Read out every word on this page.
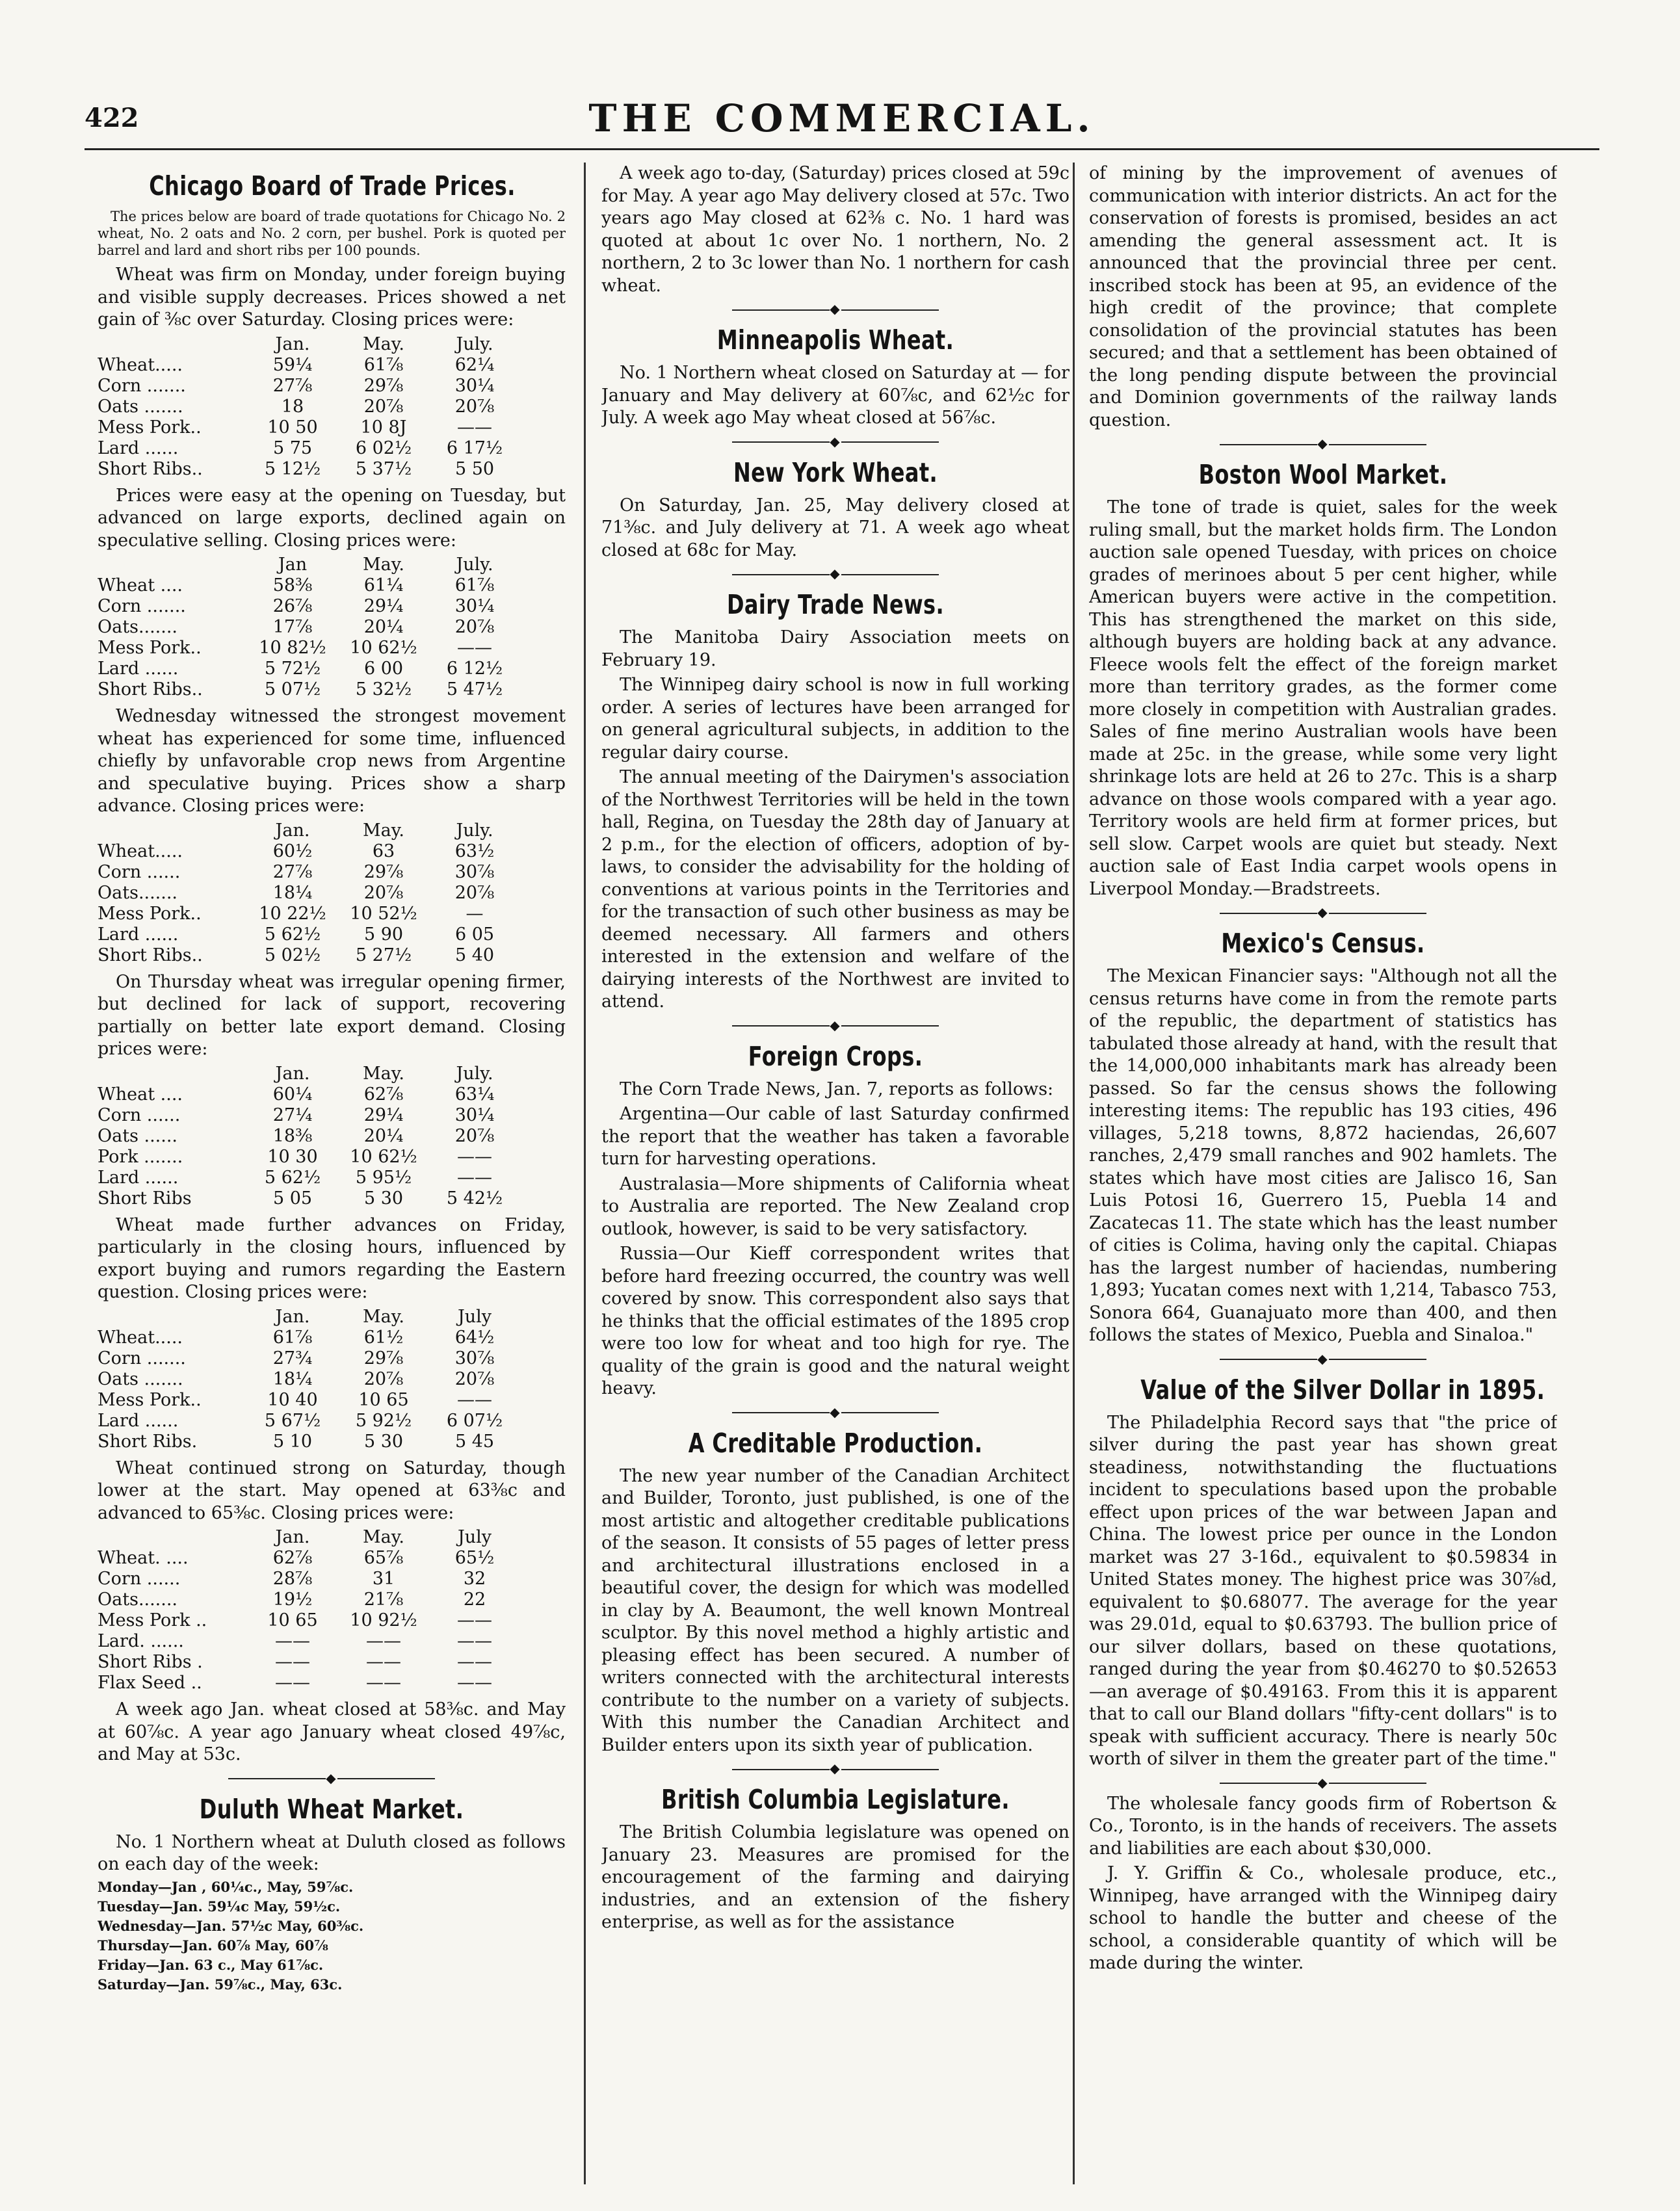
422	THE COMMERCIAL.
Chicago Board of Trade Prices.

The prices below are board of trade quotations for Chicago No. 2 wheat, No. 2 oats and No. 2 corn, per bushel. Pork is quoted per barrel and lard and short ribs per 100 pounds.

Wheat was firm on Monday, under foreign buying and visible supply decreases. Prices showed a net gain of ⅜c over Saturday. Closing prices were:

	Jan.	May.	July.
Wheat.....	59¼	61⅞	62¼
Corn .......	27⅞	29⅞	30¼
Oats .......	18	20⅞	20⅞
Mess Pork..	10 50	10 8J	——
Lard ......	5 75	6 02½	6 17½
Short Ribs..	5 12½	5 37½	5 50

Prices were easy at the opening on Tuesday, but advanced on large exports, declined again on speculative selling. Closing prices were:

	Jan	May.	July.
Wheat ....	58⅜	61¼	61⅞
Corn .......	26⅞	29¼	30¼
Oats.......	17⅞	20¼	20⅞
Mess Pork..	10 82½	10 62½	——
Lard ......	5 72½	6 00	6 12½
Short Ribs..	5 07½	5 32½	5 47½

Wednesday witnessed the strongest movement wheat has experienced for some time, influenced chiefly by unfavorable crop news from Argentine and speculative buying. Prices show a sharp advance. Closing prices were:

	Jan.	May.	July.
Wheat.....	60½	63	63½
Corn ......	27⅞	29⅞	30⅞
Oats.......	18¼	20⅞	20⅞
Mess Pork..	10 22½	10 52½	—
Lard ......	5 62½	5 90	6 05
Short Ribs..	5 02½	5 27½	5 40

On Thursday wheat was irregular opening firmer, but declined for lack of support, recovering partially on better late export demand. Closing prices were:

	Jan.	May.	July.
Wheat ....	60¼	62⅞	63¼
Corn ......	27¼	29¼	30¼
Oats ......	18⅜	20¼	20⅞
Pork .......	10 30	10 62½	——
Lard ......	5 62½	5 95½	——
Short Ribs	5 05	5 30	5 42½

Wheat made further advances on Friday, particularly in the closing hours, influenced by export buying and rumors regarding the Eastern question. Closing prices were:

	Jan.	May.	July
Wheat.....	61⅞	61½	64½
Corn .......	27¾	29⅞	30⅞
Oats .......	18¼	20⅞	20⅞
Mess Pork..	10 40	10 65	——
Lard ......	5 67½	5 92½	6 07½
Short Ribs.	5 10	5 30	5 45

Wheat continued strong on Saturday, though lower at the start. May opened at 63⅜c and advanced to 65⅜c. Closing prices were:

	Jan.	May.	July
Wheat. ....	62⅞	65⅞	65½
Corn ......	28⅞	31	32
Oats.......	19½	21⅞	22
Mess Pork ..	10 65	10 92½	——
Lard. ......	——	——	——
Short Ribs .	——	——	——
Flax Seed ..	——	——	——

A week ago Jan. wheat closed at 58⅜c. and May at 60⅞c. A year ago January wheat closed 49⅞c, and May at 53c.

◆
Duluth Wheat Market.

No. 1 Northern wheat at Duluth closed as follows on each day of the week:

Monday—Jan , 60¼c., May, 59⅞c.
Tuesday—Jan. 59¼c May, 59½c.
Wednesday—Jan. 57½c May, 60⅜c.
Thursday—Jan. 60⅞ May, 60⅞
Friday—Jan. 63 c., May 61⅞c.
Saturday—Jan. 59⅞c., May, 63c.

A week ago to-day, (Saturday) prices closed at 59c for May. A year ago May delivery closed at 57c. Two years ago May closed at 62⅜ c. No. 1 hard was quoted at about 1c over No. 1 northern, No. 2 northern, 2 to 3c lower than No. 1 northern for cash wheat.

◆
Minneapolis Wheat.

No. 1 Northern wheat closed on Saturday at — for January and May delivery at 60⅞c, and 62½c for July. A week ago May wheat closed at 56⅞c.

◆
New York Wheat.

On Saturday, Jan. 25, May delivery closed at 71⅜c. and July delivery at 71. A week ago wheat closed at 68c for May.

◆
Dairy Trade News.

The Manitoba Dairy Association meets on February 19.

The Winnipeg dairy school is now in full working order. A series of lectures have been arranged for on general agricultural subjects, in addition to the regular dairy course.

The annual meeting of the Dairymen's association of the Northwest Territories will be held in the town hall, Regina, on Tuesday the 28th day of January at 2 p.m., for the election of officers, adoption of by-laws, to consider the advisability for the holding of conventions at various points in the Territories and for the transaction of such other business as may be deemed necessary. All farmers and others interested in the extension and welfare of the dairying interests of the Northwest are invited to attend.

◆
Foreign Crops.

The Corn Trade News, Jan. 7, reports as follows:

Argentina—Our cable of last Saturday confirmed the report that the weather has taken a favorable turn for harvesting operations.

Australasia—More shipments of California wheat to Australia are reported. The New Zealand crop outlook, however, is said to be very satisfactory.

Russia—Our Kieff correspondent writes that before hard freezing occurred, the country was well covered by snow. This correspondent also says that he thinks that the official estimates of the 1895 crop were too low for wheat and too high for rye. The quality of the grain is good and the natural weight heavy.

◆
A Creditable Production.

The new year number of the Canadian Architect and Builder, Toronto, just published, is one of the most artistic and altogether creditable publications of the season. It consists of 55 pages of letter press and architectural illustrations enclosed in a beautiful cover, the design for which was modelled in clay by A. Beaumont, the well known Montreal sculptor. By this novel method a highly artistic and pleasing effect has been secured. A number of writers connected with the architectural interests contribute to the number on a variety of subjects. With this number the Canadian Architect and Builder enters upon its sixth year of publication.

◆
British Columbia Legislature.

The British Columbia legislature was opened on January 23. Measures are promised for the encouragement of the farming and dairying industries, and an extension of the fishery enterprise, as well as for the assistance

of mining by the improvement of avenues of communication with interior districts. An act for the conservation of forests is promised, besides an act amending the general assessment act. It is announced that the provincial three per cent. inscribed stock has been at 95, an evidence of the high credit of the province; that complete consolidation of the provincial statutes has been secured; and that a settlement has been obtained of the long pending dispute between the provincial and Dominion governments of the railway lands question.

◆
Boston Wool Market.

The tone of trade is quiet, sales for the week ruling small, but the market holds firm. The London auction sale opened Tuesday, with prices on choice grades of merinoes about 5 per cent higher, while American buyers were active in the competition. This has strengthened the market on this side, although buyers are holding back at any advance. Fleece wools felt the effect of the foreign market more than territory grades, as the former come more closely in competition with Australian grades. Sales of fine merino Australian wools have been made at 25c. in the grease, while some very light shrinkage lots are held at 26 to 27c. This is a sharp advance on those wools compared with a year ago. Territory wools are held firm at former prices, but sell slow. Carpet wools are quiet but steady. Next auction sale of East India carpet wools opens in Liverpool Monday.—Bradstreets.

◆
Mexico's Census.

The Mexican Financier says: "Although not all the census returns have come in from the remote parts of the republic, the department of statistics has tabulated those already at hand, with the result that the 14,000,000 inhabitants mark has already been passed. So far the census shows the following interesting items: The republic has 193 cities, 496 villages, 5,218 towns, 8,872 haciendas, 26,607 ranches, 2,479 small ranches and 902 hamlets. The states which have most cities are Jalisco 16, San Luis Potosi 16, Guerrero 15, Puebla 14 and Zacatecas 11. The state which has the least number of cities is Colima, having only the capital. Chiapas has the largest number of haciendas, numbering 1,893; Yucatan comes next with 1,214, Tabasco 753, Sonora 664, Guanajuato more than 400, and then follows the states of Mexico, Puebla and Sinaloa."

◆
Value of the Silver Dollar in 1895.

The Philadelphia Record says that "the price of silver during the past year has shown great steadiness, notwithstanding the fluctuations incident to speculations based upon the probable effect upon prices of the war between Japan and China. The lowest price per ounce in the London market was 27 3-16d., equivalent to $0.59834 in United States money. The highest price was 30⅞d, equivalent to $0.68077. The average for the year was 29.01d, equal to $0.63793. The bullion price of our silver dollars, based on these quotations, ranged during the year from $0.46270 to $0.52653—an average of $0.49163. From this it is apparent that to call our Bland dollars "fifty-cent dollars" is to speak with sufficient accuracy. There is nearly 50c worth of silver in them the greater part of the time."

◆

The wholesale fancy goods firm of Robertson & Co., Toronto, is in the hands of receivers. The assets and liabilities are each about $30,000.

J. Y. Griffin & Co., wholesale produce, etc., Winnipeg, have arranged with the Winnipeg dairy school to handle the butter and cheese of the school, a considerable quantity of which will be made during the winter.
